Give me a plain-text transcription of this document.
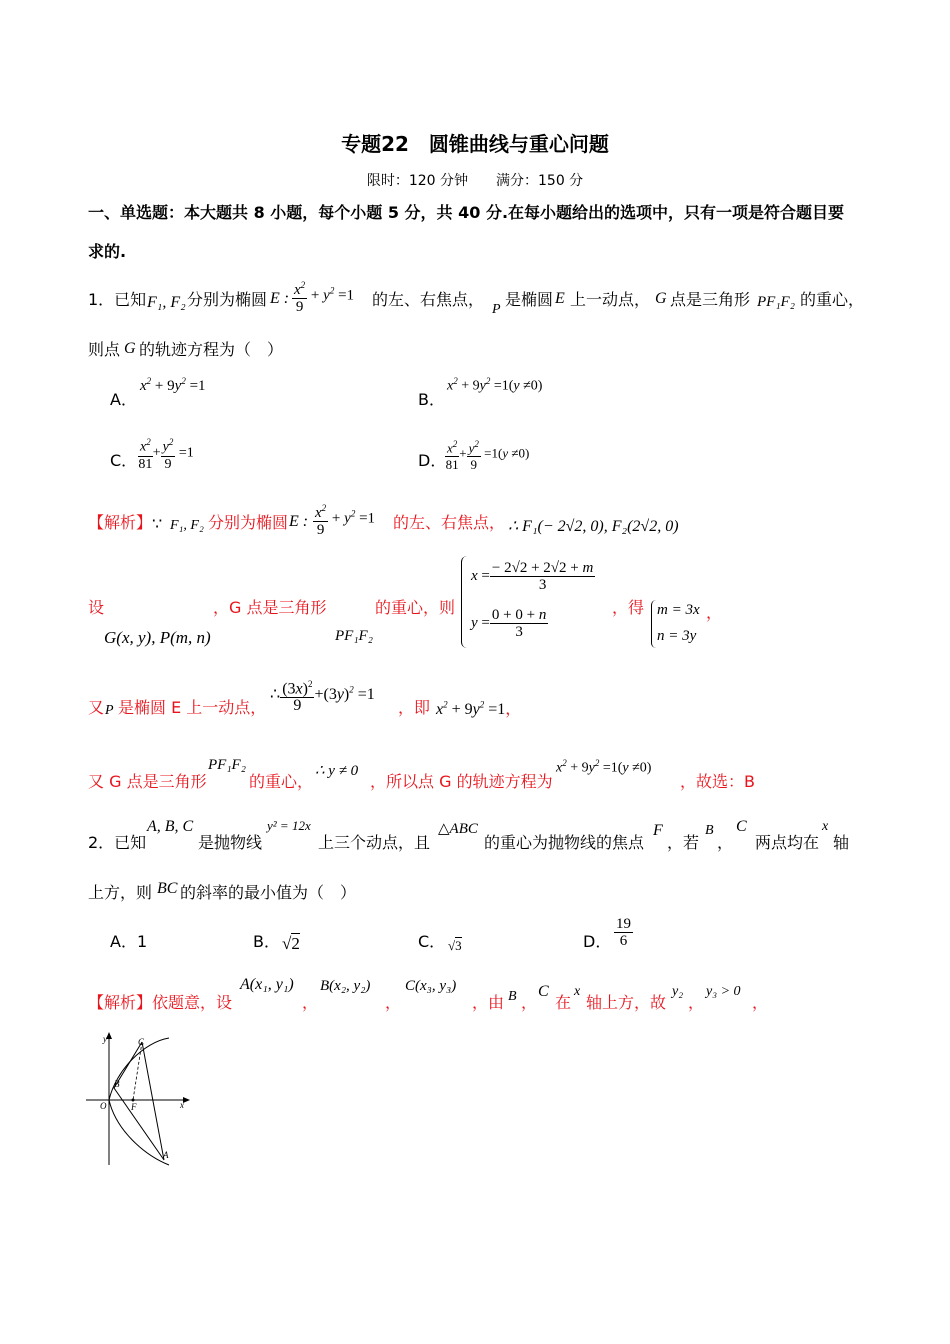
专题22　圆锥曲线与重心问题
限时：120 分钟　　满分：150 分
一、单选题：本大题共 8 小题，每个小题 5 分，共 40 分.在每小题给出的选项中，只有一项是符合题目要
求的.
1．已知 F₁, F₂ 分别为椭圆 E : $\frac{x^2}{9} + y^2 =1$ 的左、右焦点，
P
是椭圆 E 上一动点， G 点是三角形 PF₁F₂ 的重心，
则点 G 的轨迹方程为（　）
A．
$x^2 + 9y^2 =1$
B．
$x^2 + 9y^2 =1(y \ne 0)$
C． $\frac{x^2}{81} + \frac{y^2}{9} =1$	D．
$\frac{x^2}{81} + \frac{y^2}{9} =1(y \ne 0)$
【解析】 ∵ F₁, F₂ 分别为椭圆 E : $\frac{x^2}{9} + y^2 =1$ 的左、右焦点， ∴ F₁(− 2√2, 0), F₂(2√2, 0)
设
G(x, y), P(m, n)
，G 点是三角形
PF₁F₂
的重心，则
$x = \frac{- 2√2 + 2√2 + m}{3}$
$y = \frac{0 + 0 + n}{3}$	，得 m = 3x
n = 3y
，
又 P 是椭圆 E 上一动点，
∴ $\frac{(3x)^2}{9} +(3y)^2 =1$
，即 $x^2 + 9y^2 =1$，
又 G 点是三角形
PF₁F₂
的重心，
∴ y ≠ 0
，所以点 G 的轨迹方程为
$x^2 + 9y^2 =1(y \ne 0)$
，故选：B
2．已知
A, B, C
是抛物线
y² = 12x
上三个动点，且
△ABC
的重心为抛物线的焦点
F
，若
B
，
C
两点均在
x
轴
上方，则 BC 的斜率的最小值为（　）
A．1	B． √2	C． √3	D． $\frac{19}{6}$
【解析】 依题意，设
A(x₁, y₁)
，
B(x₂, y₂)
，
C(x₃, y₃)
，由 B ，
C
在
x
轴上方，故
y₂
，
y₃ > 0
，
y	C
B
O	F	x
A
